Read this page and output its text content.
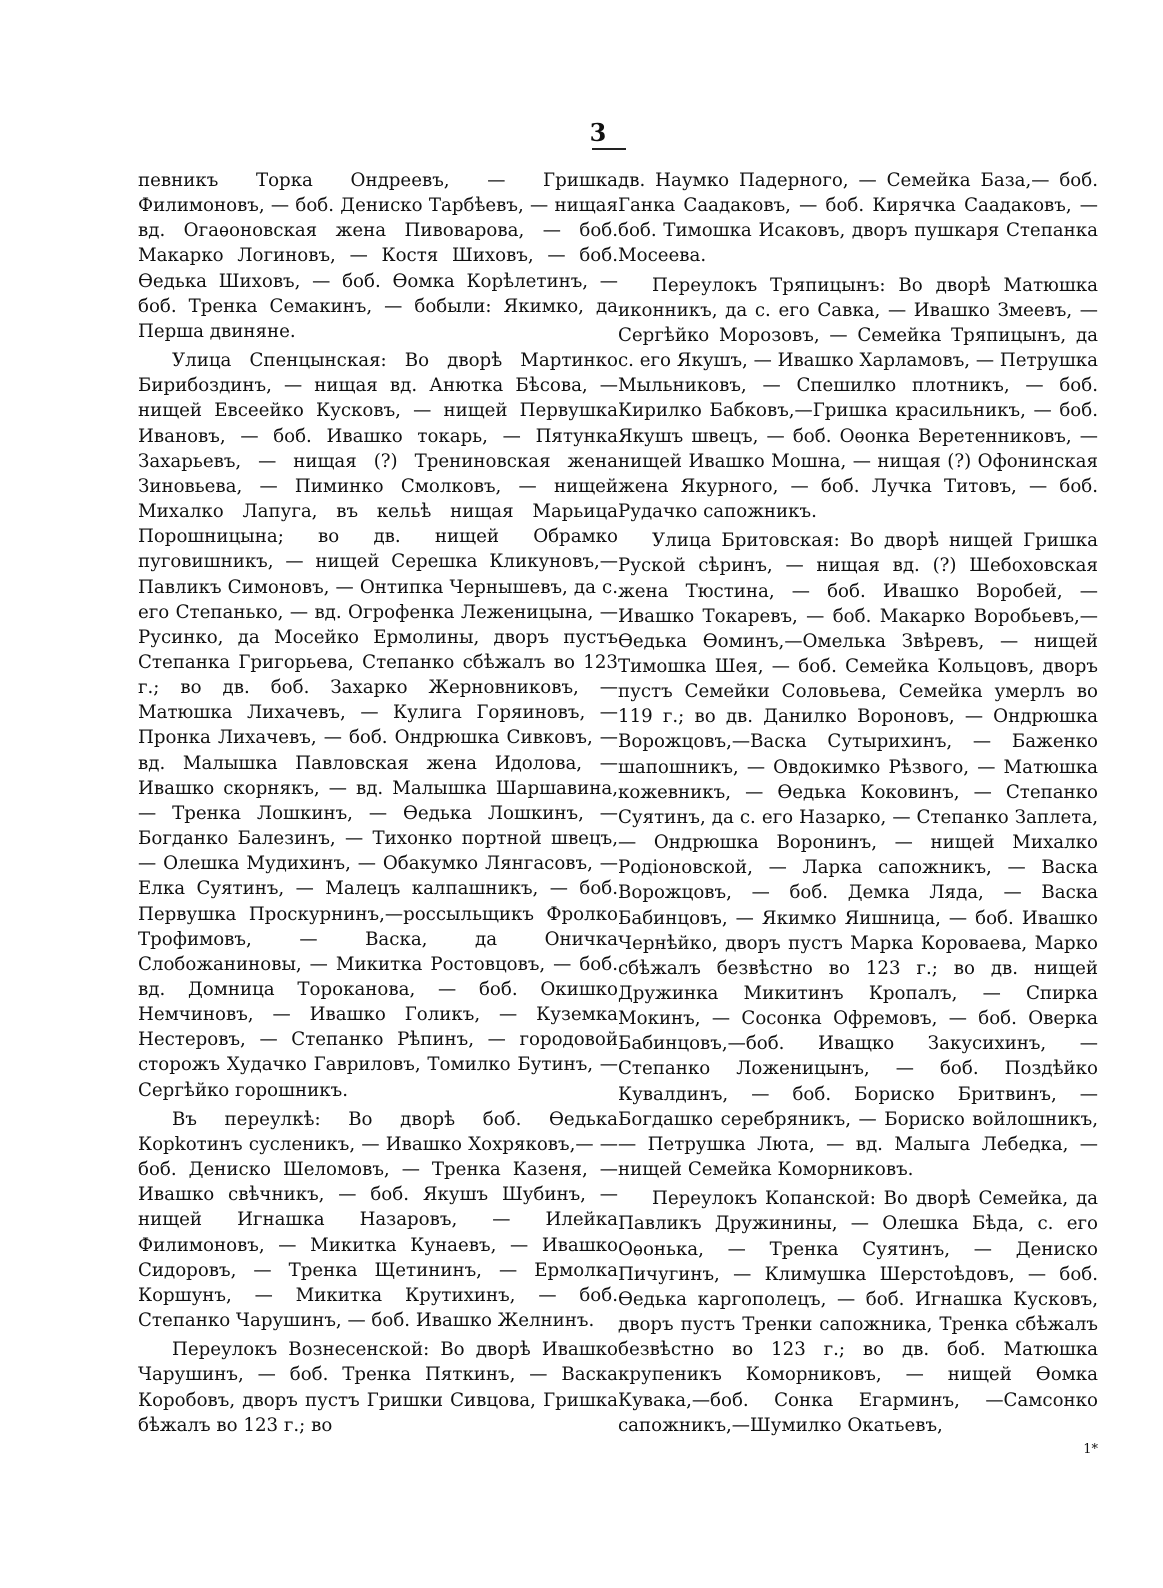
3

певникъ Торка Ондреевъ, — Гришка Филимоновъ, — боб. Дениско Тарбѣевъ, — нищая вд. Огаѳоновская жена Пивоварова, — боб. Макарко Логиновъ, — Костя Шиховъ, — боб. Ѳедька Шиховъ, — боб. Ѳомка Корѣлетинъ, — боб. Тренка Семакинъ, — бобыли: Якимко, да Перша двиняне.

Улица Спенцынская: Во дворѣ Мартинко Бирибоздинъ, — нищая вд. Анютка Бѣсова, — нищей Евсеейко Кусковъ, — нищей Первушка Ивановъ, — боб. Ивашко токарь, — Пятунка Захарьевъ, — нищая (?) Трениновская жена Зиновьева, — Пиминко Смолковъ, — нищей Михалко Лапуга, въ кельѣ нищая Марьица Порошницына; во дв. нищей Обрамко пуговишникъ, — нищей Серешка Кликуновъ,— Павликъ Симоновъ, — Онтипка Чернышевъ, да с. его Степанько, — вд. Огрофенка Леженицына, — Русинко, да Мосейко Ермолины, дворъ пустъ Степанка Григорьева, Степанко сбѣжалъ во 123 г.; во дв. боб. Захарко Жерновниковъ, — Матюшка Лихачевъ, — Кулига Горяиновъ, — Пронка Лихачевъ, — боб. Ондрюшка Сивковъ, — вд. Малышка Павловская жена Идолова, — Ивашко скорнякъ, — вд. Малышка Шаршавина, — Тренка Лошкинъ, — Ѳедька Лошкинъ, — Богданко Балезинъ, — Тихонко портной швецъ, — Олешка Мудихинъ, — Обакумко Лянгасовъ, — Елка Суятинъ, — Малецъ калпашникъ, — боб. Первушка Проскурнинъ,—росcыльщикъ Фролко Трофимовъ, — Васка, да Оничка Слобожаниновы, — Микитка Ростовцовъ, — боб. вд. Домница Тороканова, — боб. Окишко Немчиновъ, — Ивашко Голикъ, — Куземка Нестеровъ, — Степанко Рѣпинъ, — городовой сторожъ Худачко Гавриловъ, Томилко Бутинъ, — Сергѣйко горошникъ.

Въ переулкѣ: Во дворѣ боб. Ѳедька Корkотинъ сусленикъ, — Ивашко Хохряковъ,— — боб. Дениско Шеломовъ, — Тренка Казеня, — Ивашко свѣчникъ, — боб. Якушъ Шубинъ, — нищей Игнашка Назаровъ, — Илейка Филимоновъ, — Микитка Кунаевъ, — Ивашко Сидоровъ, — Тренка Щетининъ, — Ермолка Коршунъ, — Микитка Крутихинъ, — боб. Степанко Чарушинъ, — боб. Ивашко Желнинъ.

Переулокъ Вознесенской: Во дворѣ Ивашко Чарушинъ, — боб. Тренка Пяткинъ, — Васка Коробовъ, дворъ пустъ Гришки Сивцова, Гришка бѣжалъ во 123 г.; во

дв. Наумко Падерного, — Семейка База,— боб. Ганка Саадаковъ, — боб. Кирячка Саадаковъ, — боб. Тимошка Исаковъ, дворъ пушкаря Степанка Мосеева.

Переулокъ Тряпицынъ: Во дворѣ Матюшка иконникъ, да с. его Савка, — Ивашко Змеевъ, — Сергѣйко Морозовъ, — Семейка Тряпицынъ, да с. его Якушъ, — Ивашко Харламовъ, — Петрушка Мыльниковъ, — Спешилко плотникъ, — боб. Кирилко Бабковъ,—Гришка красильникъ, — боб. Якушъ швецъ, — боб. Оѳонка Веретенниковъ, — нищей Ивашко Мошна, — нищая (?) Офонинская жена Якурного, — боб. Лучка Титовъ, — боб. Рудачко сапожникъ.

Улица Бритовская: Во дворѣ нищей Гришка Руской сѣринъ, — нищая вд. (?) Шебоховская жена Тюстина, — боб. Ивашко Воробей, — Ивашко Токаревъ, — боб. Макарко Воробьевъ,—Ѳедька Ѳоминъ,—Омелька Звѣревъ, — нищей Тимошка Шея, — боб. Семейка Кольцовъ, дворъ пустъ Семейки Соловьева, Семейка умерлъ во 119 г.; во дв. Данилко Вороновъ, — Ондрюшка Ворожцовъ,—Васка Сутырихинъ, — Баженко шапошникъ, — Овдокимко Рѣзвого, — Матюшка кожевникъ, — Ѳедька Коковинъ, — Степанко Суятинъ, да с. его Назарко, — Степанко Заплета, — Ондрюшка Воронинъ, — нищей Михалко Родіоновской, — Ларка сапожникъ, — Васка Ворожцовъ, — боб. Демка Ляда, — Васка Бабинцовъ, — Якимко Яишница, — боб. Ивашко Чернѣйко, дворъ пустъ Марка Короваева, Марко сбѣжалъ безвѣстно во 123 г.; во дв. нищей Дружинка Микитинъ Кропалъ, — Спирка Мокинъ, — Сосонка Офремовъ, — боб. Оверка Бабинцовъ,—боб. Иващко Закусихинъ, — Степанко Ложеницынъ, — боб. Поздѣйко Кувалдинъ, — боб. Бориско Бритвинъ, — Богдашко серебряникъ, — Бориско войлошникъ, — Петрушка Люта, — вд. Малыга Лебедка, — нищей Семейка Коморниковъ.

Переулокъ Копанской: Во дворѣ Семейка, да Павликъ Дружинины, — Олешка Бѣда, с. его Оѳонька, — Тренка Суятинъ, — Дениско Пичугинъ, — Климушка Шерстоѣдовъ, — боб. Ѳедька каргополецъ, — боб. Игнашка Кусковъ, дворъ пустъ Тренки сапожника, Тренка сбѣжалъ безвѣстно во 123 г.; во дв. боб. Матюшка крупеникъ Коморниковъ, — нищей Ѳомка Кувака,—боб. Сонка Егарминъ, —Самсонко сапожникъ,—Шумилко Окатьевъ,

1*
